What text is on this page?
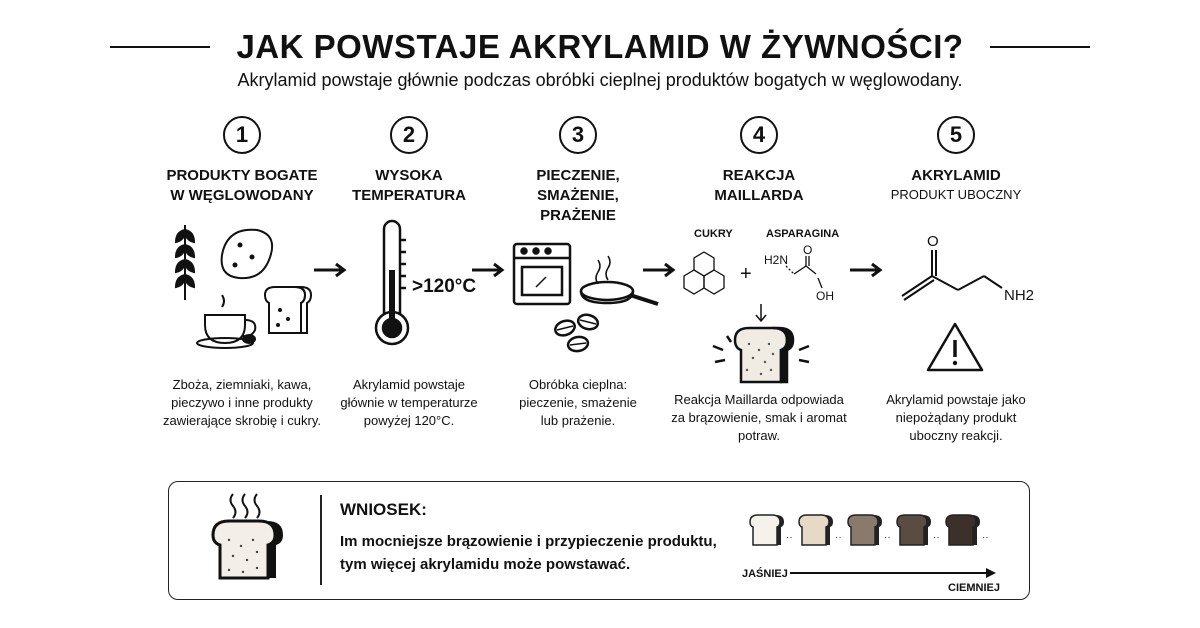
JAK POWSTAJE AKRYLAMID W ŻYWNOŚCI?
Akrylamid powstaje głównie podczas obróbki cieplnej produktów bogatych w węglowodany.
1
PRODUKTY BOGATE
W WĘGLOWODANY
Zboża, ziemniaki, kawa,
pieczywo i inne produkty
zawierające skrobię i cukry.
2
WYSOKA
TEMPERATURA
>120°C
Akrylamid powstaje
głównie w temperaturze
powyżej 120°C.
3
PIECZENIE,
SMAŻENIE,
PRAŻENIE
Obróbka cieplna:
pieczenie, smażenie
lub prażenie.
4
REAKCJA
MAILLARDA
CUKRY	ASPARAGINA
+
H2N
O
OH
Reakcja Maillarda odpowiada
za brązowienie, smak i aromat
potraw.
5
AKRYLAMID
PRODUKT UBOCZNY
O
NH2
Akrylamid powstaje jako
niepożądany produkt
uboczny reakcji.
WNIOSEK:
Im mocniejsze brązowienie i przypieczenie produktu,
tym więcej akrylamidu może powstawać.
··	··	··	··	··
JAŚNIEJ
CIEMNIEJ
